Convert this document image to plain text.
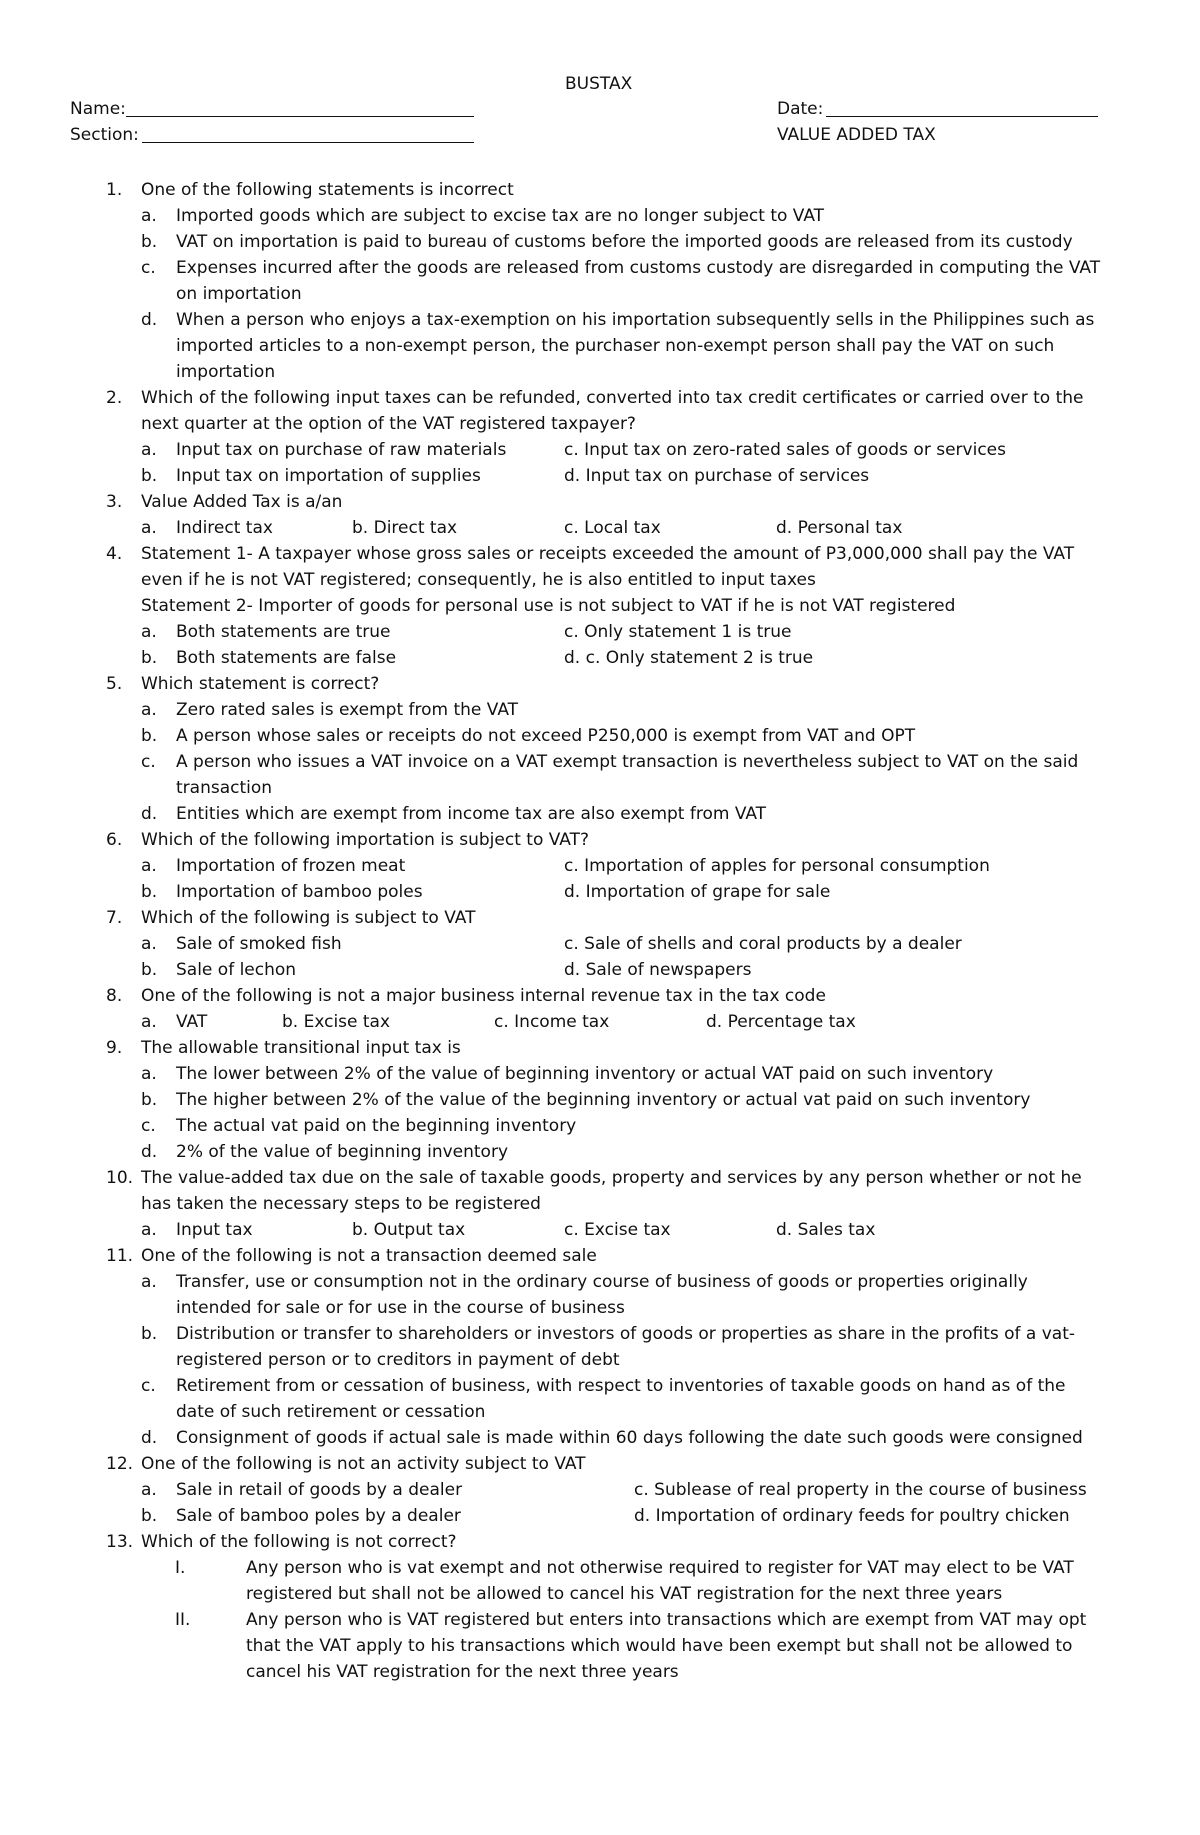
BUSTAX
Name:	Date:
Section:	VALUE ADDED TAX
1. One of the following statements is incorrect
a. Imported goods which are subject to excise tax are no longer subject to VAT
b. VAT on importation is paid to bureau of customs before the imported goods are released from its custody
c. Expenses incurred after the goods are released from customs custody are disregarded in computing the VAT
on importation
d. When a person who enjoys a tax-exemption on his importation subsequently sells in the Philippines such as
imported articles to a non-exempt person, the purchaser non-exempt person shall pay the VAT on such
importation
2. Which of the following input taxes can be refunded, converted into tax credit certificates or carried over to the
next quarter at the option of the VAT registered taxpayer?
a. Input tax on purchase of raw materials	c. Input tax on zero-rated sales of goods or services
b. Input tax on importation of supplies	d. Input tax on purchase of services
3. Value Added Tax is a/an
a. Indirect tax	b. Direct tax	c. Local tax	d. Personal tax
4. Statement 1- A taxpayer whose gross sales or receipts exceeded the amount of P3,000,000 shall pay the VAT
even if he is not VAT registered; consequently, he is also entitled to input taxes
Statement 2- Importer of goods for personal use is not subject to VAT if he is not VAT registered
a. Both statements are true	c. Only statement 1 is true
b. Both statements are false	d. c. Only statement 2 is true
5. Which statement is correct?
a. Zero rated sales is exempt from the VAT
b. A person whose sales or receipts do not exceed P250,000 is exempt from VAT and OPT
c. A person who issues a VAT invoice on a VAT exempt transaction is nevertheless subject to VAT on the said
transaction
d. Entities which are exempt from income tax are also exempt from VAT
6. Which of the following importation is subject to VAT?
a. Importation of frozen meat	c. Importation of apples for personal consumption
b. Importation of bamboo poles	d. Importation of grape for sale
7. Which of the following is subject to VAT
a. Sale of smoked fish	c. Sale of shells and coral products by a dealer
b. Sale of lechon	d. Sale of newspapers
8. One of the following is not a major business internal revenue tax in the tax code
a. VAT	b. Excise tax	c. Income tax	d. Percentage tax
9. The allowable transitional input tax is
a. The lower between 2% of the value of beginning inventory or actual VAT paid on such inventory
b. The higher between 2% of the value of the beginning inventory or actual vat paid on such inventory
c. The actual vat paid on the beginning inventory
d. 2% of the value of beginning inventory
10. The value-added tax due on the sale of taxable goods, property and services by any person whether or not he
has taken the necessary steps to be registered
a. Input tax	b. Output tax	c. Excise tax	d. Sales tax
11. One of the following is not a transaction deemed sale
a. Transfer, use or consumption not in the ordinary course of business of goods or properties originally
intended for sale or for use in the course of business
b. Distribution or transfer to shareholders or investors of goods or properties as share in the profits of a vat-
registered person or to creditors in payment of debt
c. Retirement from or cessation of business, with respect to inventories of taxable goods on hand as of the
date of such retirement or cessation
d. Consignment of goods if actual sale is made within 60 days following the date such goods were consigned
12. One of the following is not an activity subject to VAT
a. Sale in retail of goods by a dealer	c. Sublease of real property in the course of business
b. Sale of bamboo poles by a dealer	d. Importation of ordinary feeds for poultry chicken
13. Which of the following is not correct?
I.	Any person who is vat exempt and not otherwise required to register for VAT may elect to be VAT
registered but shall not be allowed to cancel his VAT registration for the next three years
II.	Any person who is VAT registered but enters into transactions which are exempt from VAT may opt
that the VAT apply to his transactions which would have been exempt but shall not be allowed to
cancel his VAT registration for the next three years
